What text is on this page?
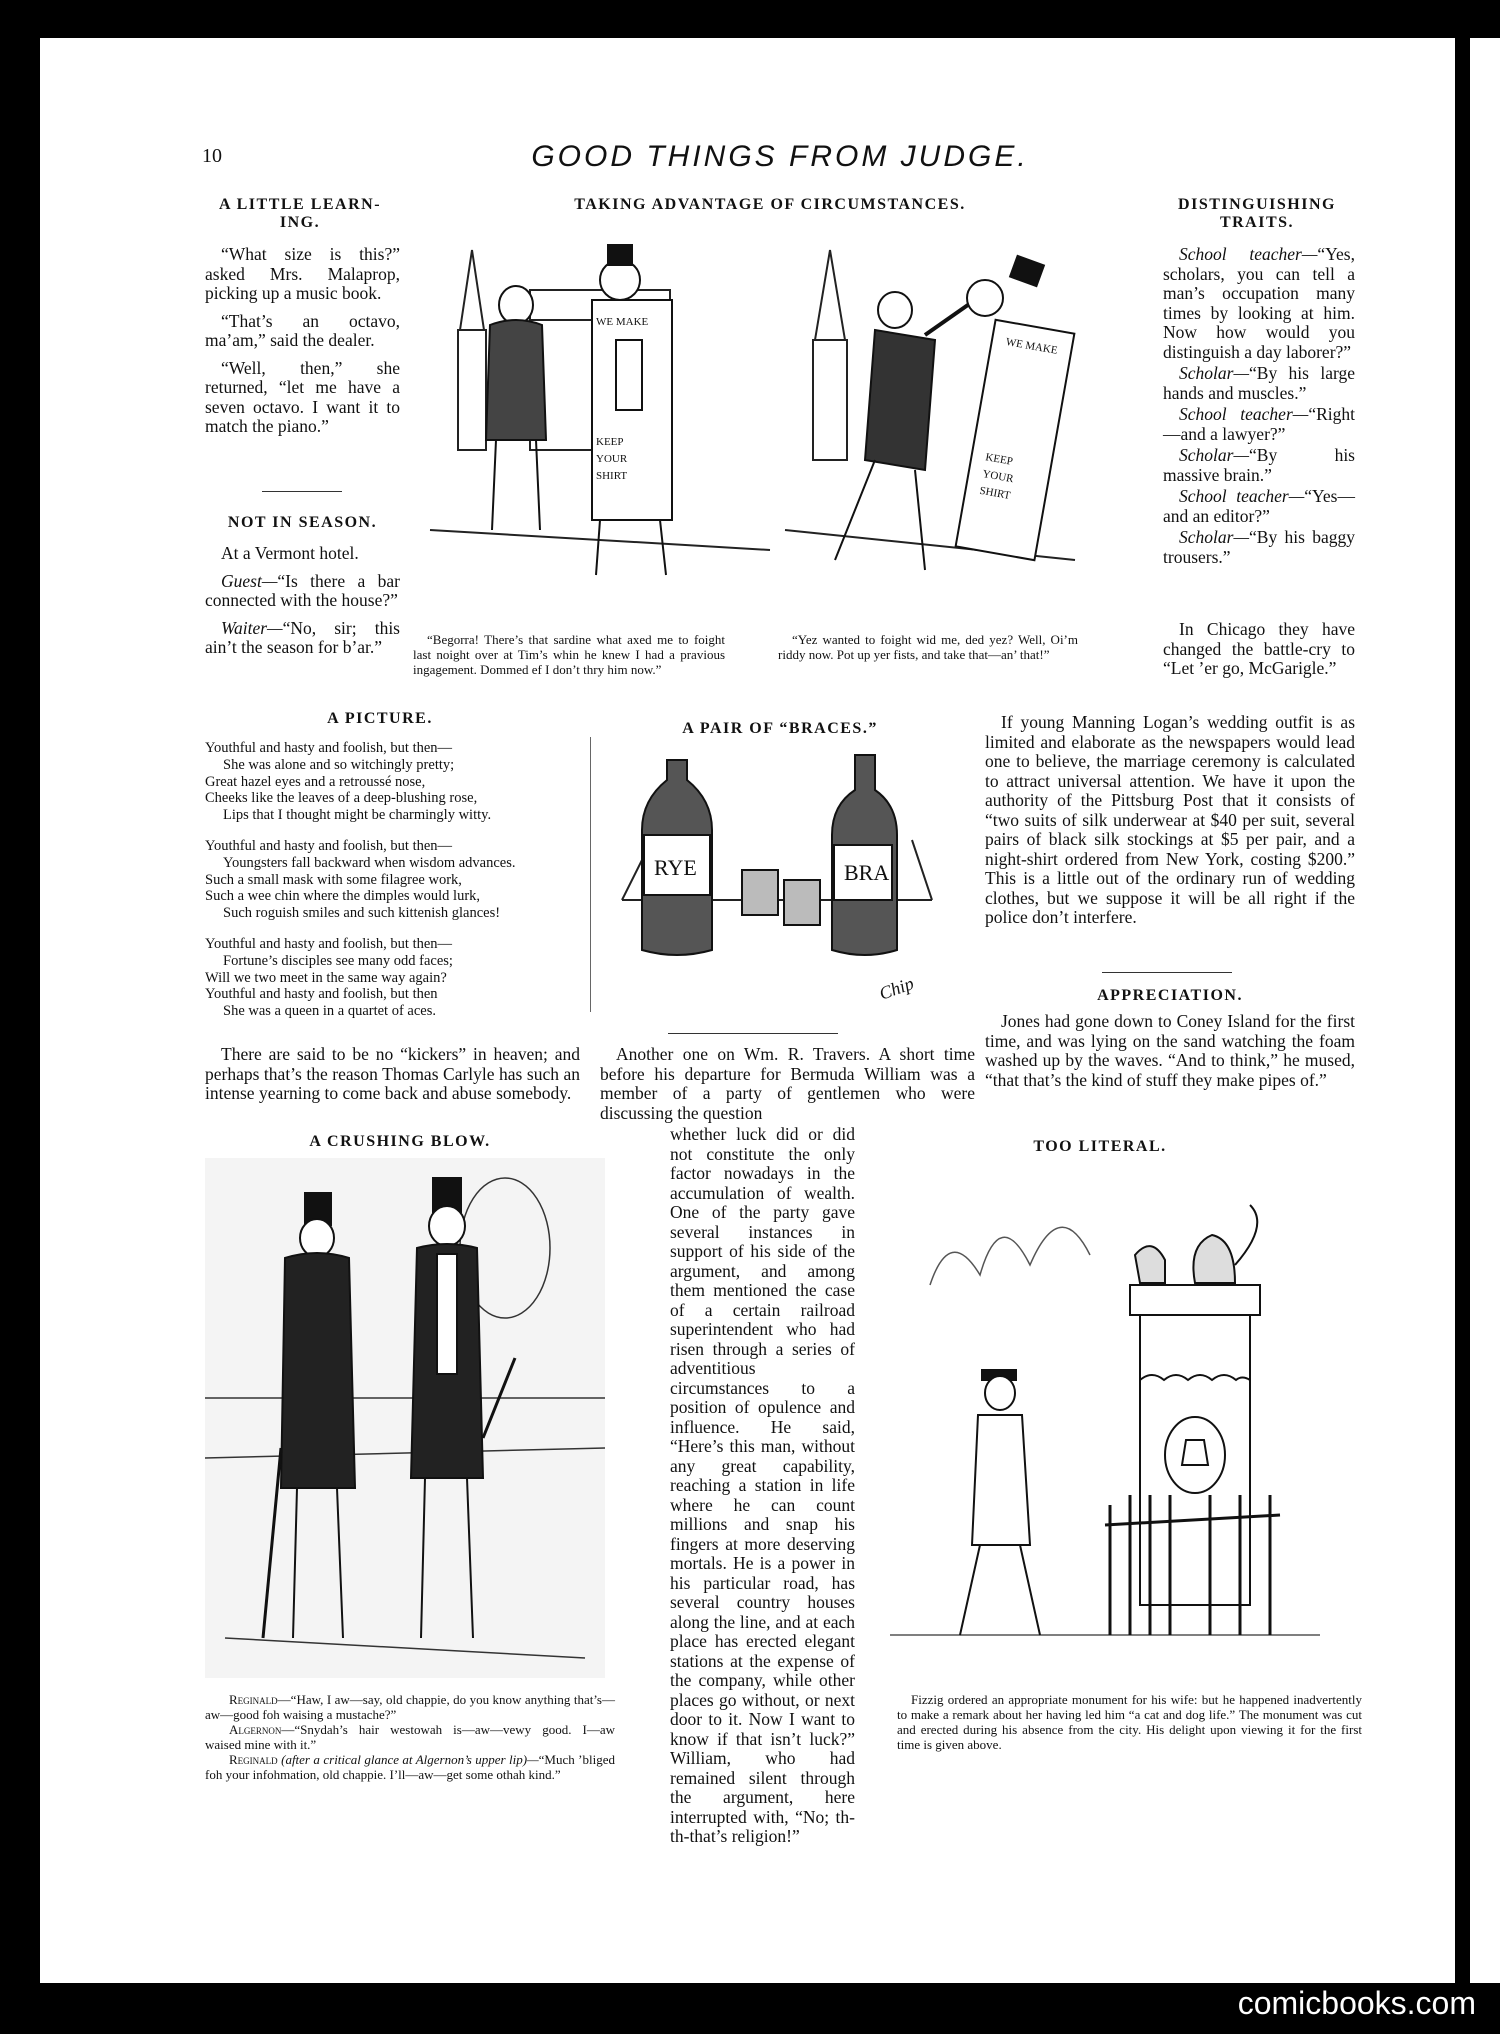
10	GOOD THINGS FROM JUDGE.
A LITTLE LEARN-ING.

“What size is this?” asked Mrs. Malaprop, picking up a music book.

“That’s an octavo, ma’am,” said the dealer.

“Well, then,” she returned, “let me have a seven octavo. I want it to match the piano.”

NOT IN SEASON.

At a Vermont hotel.

Guest—“Is there a bar connected with the house?”

Waiter—“No, sir; this ain’t the season for b’ar.”

TAKING ADVANTAGE OF CIRCUMSTANCES.
WE MAKE
KEEP
YOUR
SHIRT
WE MAKE
KEEP
YOUR
SHIRT
“Begorra! There’s that sardine what axed me to foight last noight over at Tim’s whin he knew I had a pravious ingagement. Dommed ef I don’t thry him now.”
“Yez wanted to foight wid me, ded yez? Well, Oi’m riddy now. Pot up yer fists, and take that—an’ that!”
DISTINGUISHING TRAITS.

School teacher—“Yes, scholars, you can tell a man’s occupation many times by looking at him. Now how would you distinguish a day laborer?”

Scholar—“By his large hands and muscles.”

School teacher—“Right—and a lawyer?”

Scholar—“By his massive brain.”

School teacher—“Yes—and an editor?”

Scholar—“By his baggy trousers.”

In Chicago they have changed the battle-cry to “Let ’er go, McGarigle.”

A PICTURE.
Youthful and hasty and foolish, but then—
She was alone and so witchingly pretty;
Great hazel eyes and a retroussé nose,
Cheeks like the leaves of a deep-blushing rose,
Lips that I thought might be charmingly witty.
Youthful and hasty and foolish, but then—
Youngsters fall backward when wisdom advances.
Such a small mask with some filagree work,
Such a wee chin where the dimples would lurk,
Such roguish smiles and such kittenish glances!
Youthful and hasty and foolish, but then—
Fortune’s disciples see many odd faces;
Will we two meet in the same way again?
Youthful and hasty and foolish, but then
She was a queen in a quartet of aces.
A PAIR OF “BRACES.”
RYE	BRA
Chip

If young Manning Logan’s wedding outfit is as limited and elaborate as the newspapers would lead one to believe, the marriage ceremony is calculated to attract universal attention. We have it upon the authority of the Pittsburg Post that it consists of “two suits of silk underwear at $40 per suit, several pairs of black silk stockings at $5 per pair, and a night-shirt ordered from New York, costing $200.” This is a little out of the ordinary run of wedding clothes, but we suppose it will be all right if the police don’t interfere.

APPRECIATION.

Jones had gone down to Coney Island for the first time, and was lying on the sand watching the foam washed up by the waves. “And to think,” he mused, “that that’s the kind of stuff they make pipes of.”

There are said to be no “kickers” in heaven; and perhaps that’s the reason Thomas Carlyle has such an intense yearning to come back and abuse somebody.

A CRUSHING BLOW.
Reginald—“Haw, I aw—say, old chappie, do you know anything that’s—aw—good foh waising a mustache?”
Algernon—“Snydah’s hair westowah is—aw—vewy good. I—aw waised mine with it.”
Reginald (after a critical glance at Algernon’s upper lip)—“Much ’bliged foh your infohmation, old chappie. I’ll—aw—get some othah kind.”

Another one on Wm. R. Travers. A short time before his departure for Bermuda William was a member of a party of gentlemen who were discussing the question

whether luck did or did not constitute the only factor nowadays in the accumulation of wealth. One of the party gave several instances in support of his side of the argument, and among them mentioned the case of a certain railroad superintendent who had risen through a series of adventitious circumstances to a position of opulence and influence. He said, “Here’s this man, without any great capability, reaching a station in life where he can count millions and snap his fingers at more deserving mortals. He is a power in his particular road, has several country houses along the line, and at each place has erected elegant stations at the expense of the company, while other places go without, or next door to it. Now I want to know if that isn’t luck?” William, who had remained silent through the argument, here interrupted with, “No; th-th-that’s religion!”
TOO LITERAL.
Fizzig ordered an appropriate monument for his wife: but he happened inadvertently to make a remark about her having led him “a cat and dog life.” The monument was cut and erected during his absence from the city. His delight upon viewing it for the first time is given above.
comicbooks.com
